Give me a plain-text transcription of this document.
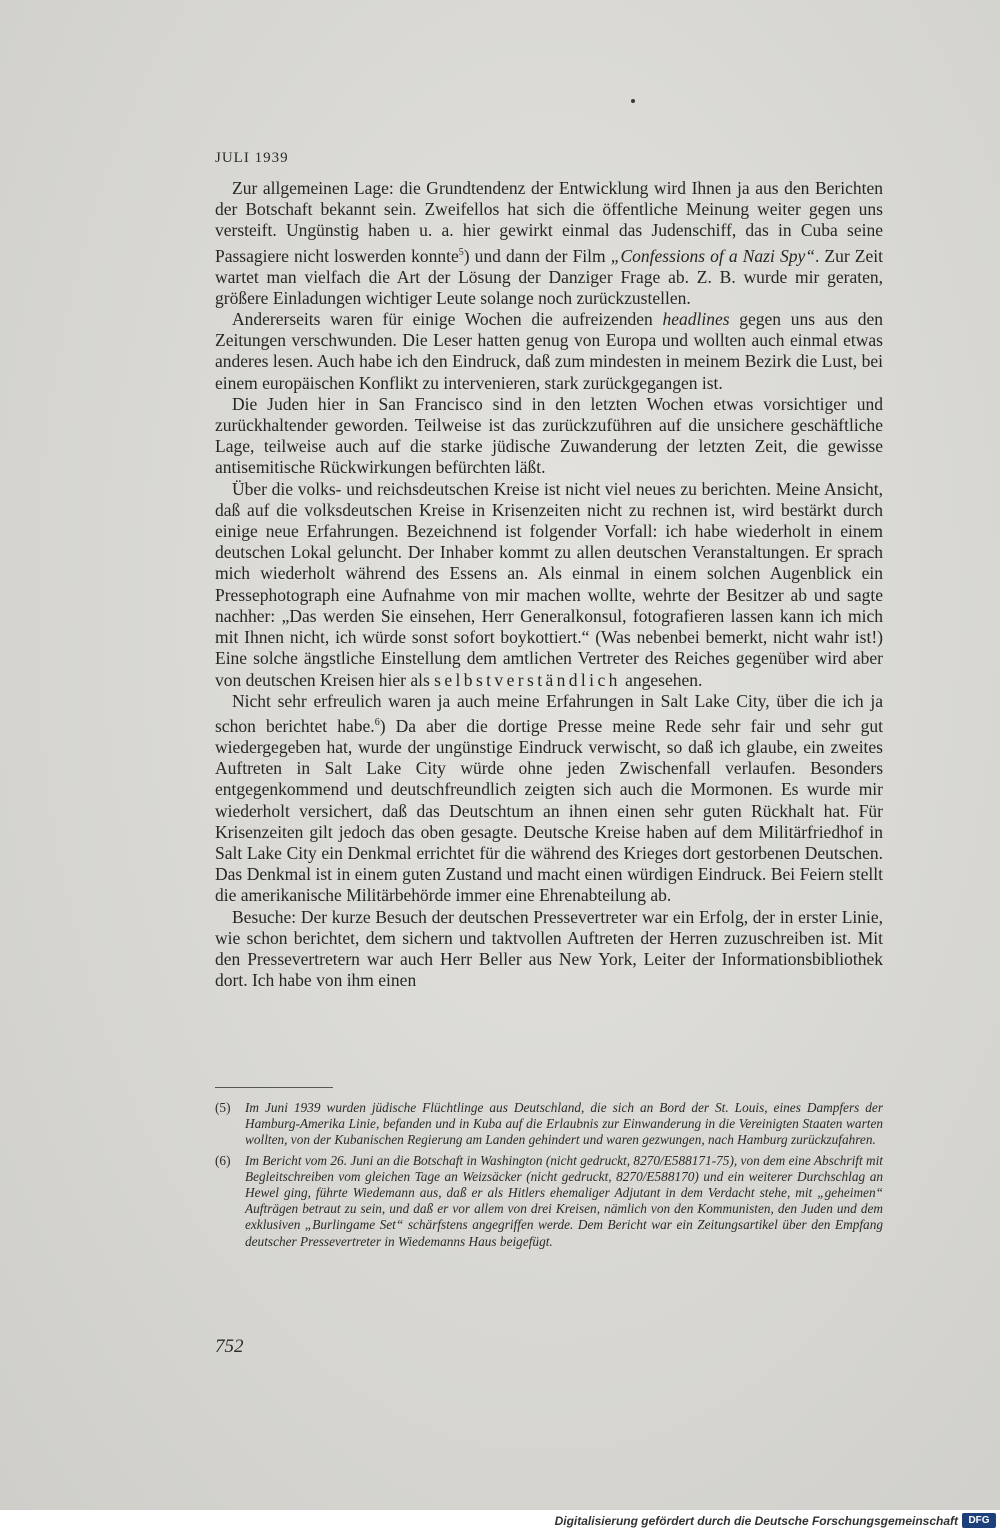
JULI 1939

Zur allgemeinen Lage: die Grundtendenz der Entwicklung wird Ihnen ja aus den Berichten der Botschaft bekannt sein. Zweifellos hat sich die öffentliche Meinung weiter gegen uns versteift. Ungünstig haben u. a. hier gewirkt einmal das Judenschiff, das in Cuba seine Passagiere nicht loswerden konnte$^5$) und dann der Film „Confessions of a Nazi Spy“. Zur Zeit wartet man vielfach die Art der Lösung der Danziger Frage ab. Z. B. wurde mir geraten, größere Einladungen wichtiger Leute solange noch zurückzustellen.

Andererseits waren für einige Wochen die aufreizenden headlines gegen uns aus den Zeitungen verschwunden. Die Leser hatten genug von Europa und wollten auch einmal etwas anderes lesen. Auch habe ich den Eindruck, daß zum mindesten in meinem Bezirk die Lust, bei einem europäischen Konflikt zu intervenieren, stark zurückgegangen ist.

Die Juden hier in San Francisco sind in den letzten Wochen etwas vorsichtiger und zurückhaltender geworden. Teilweise ist das zurückzuführen auf die unsichere geschäftliche Lage, teilweise auch auf die starke jüdische Zuwanderung der letzten Zeit, die gewisse antisemitische Rückwirkungen befürchten läßt.

Über die volks- und reichsdeutschen Kreise ist nicht viel neues zu berichten. Meine Ansicht, daß auf die volksdeutschen Kreise in Krisenzeiten nicht zu rechnen ist, wird bestärkt durch einige neue Erfahrungen. Bezeichnend ist folgender Vorfall: ich habe wiederholt in einem deutschen Lokal geluncht. Der Inhaber kommt zu allen deutschen Veranstaltungen. Er sprach mich wiederholt während des Essens an. Als einmal in einem solchen Augenblick ein Pressephotograph eine Aufnahme von mir machen wollte, wehrte der Besitzer ab und sagte nachher: „Das werden Sie einsehen, Herr Generalkonsul, fotografieren lassen kann ich mich mit Ihnen nicht, ich würde sonst sofort boykottiert.“ (Was nebenbei bemerkt, nicht wahr ist!) Eine solche ängstliche Einstellung dem amtlichen Vertreter des Reiches gegenüber wird aber von deutschen Kreisen hier als selbstverständlich angesehen.

Nicht sehr erfreulich waren ja auch meine Erfahrungen in Salt Lake City, über die ich ja schon berichtet habe.$^6$) Da aber die dortige Presse meine Rede sehr fair und sehr gut wiedergegeben hat, wurde der ungünstige Eindruck verwischt, so daß ich glaube, ein zweites Auftreten in Salt Lake City würde ohne jeden Zwischenfall verlaufen. Besonders entgegenkommend und deutschfreundlich zeigten sich auch die Mormonen. Es wurde mir wiederholt versichert, daß das Deutschtum an ihnen einen sehr guten Rückhalt hat. Für Krisenzeiten gilt jedoch das oben gesagte. Deutsche Kreise haben auf dem Militärfriedhof in Salt Lake City ein Denkmal errichtet für die während des Krieges dort gestorbenen Deutschen. Das Denkmal ist in einem guten Zustand und macht einen würdigen Eindruck. Bei Feiern stellt die amerikanische Militärbehörde immer eine Ehrenabteilung ab.

Besuche: Der kurze Besuch der deutschen Pressevertreter war ein Erfolg, der in erster Linie, wie schon berichtet, dem sichern und taktvollen Auftreten der Herren zuzuschreiben ist. Mit den Pressevertretern war auch Herr Beller aus New York, Leiter der Informationsbibliothek dort. Ich habe von ihm einen

(5)	Im Juni 1939 wurden jüdische Flüchtlinge aus Deutschland, die sich an Bord der St. Louis, eines Dampfers der Hamburg-Amerika Linie, befanden und in Kuba auf die Erlaubnis zur Einwanderung in die Vereinigten Staaten warten wollten, von der Kubanischen Regierung am Landen gehindert und waren gezwungen, nach Hamburg zurückzufahren.
(6)	Im Bericht vom 26. Juni an die Botschaft in Washington (nicht gedruckt, 8270/E588171-75), von dem eine Abschrift mit Begleitschreiben vom gleichen Tage an Weizsäcker (nicht gedruckt, 8270/E588170) und ein weiterer Durchschlag an Hewel ging, führte Wiedemann aus, daß er als Hitlers ehemaliger Adjutant in dem Verdacht stehe, mit „geheimen“ Aufträgen betraut zu sein, und daß er vor allem von drei Kreisen, nämlich von den Kommunisten, den Juden und dem exklusiven „Burlingame Set“ schärfstens angegriffen werde. Dem Bericht war ein Zeitungsartikel über den Empfang deutscher Pressevertreter in Wiedemanns Haus beigefügt.
752
Digitalisierung gefördert durch die Deutsche Forschungsgemeinschaft	DFG
